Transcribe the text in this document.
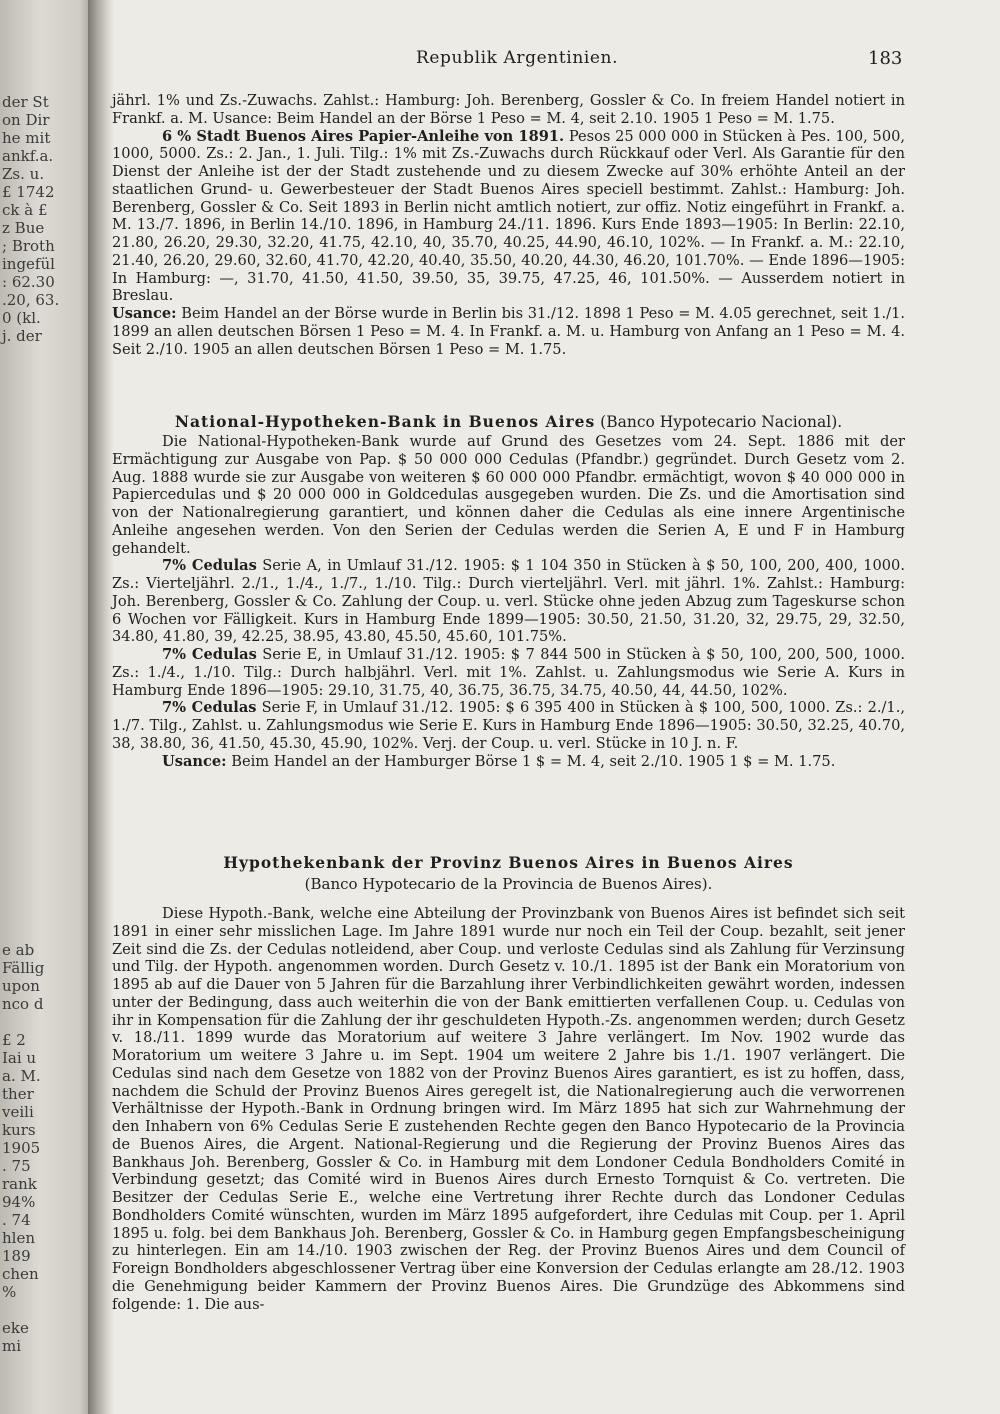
der St
on Dir
he mit
ankf.a.
Zs. u.
£ 1742
ck à £
z Bue
; Broth
ingefül
: 62.30
.20, 63.
0 (kl.
j. der
e ab
Fällig
upon
nco d
£ 2
Iai u
a. M.
ther
veili
kurs
1905
. 75
rank
94%
. 74
hlen
189
chen
%
eke
mi
Republik Argentinien.	183

jährl. 1% und Zs.-Zuwachs. Zahlst.: Hamburg: Joh. Berenberg, Gossler & Co. In freiem Handel notiert in Frankf. a. M. Usance: Beim Handel an der Börse 1 Peso = M. 4, seit 2.10. 1905 1 Peso = M. 1.75.

6 % Stadt Buenos Aires Papier-Anleihe von 1891. Pesos 25 000 000 in Stücken à Pes. 100, 500, 1000, 5000. Zs.: 2. Jan., 1. Juli. Tilg.: 1% mit Zs.-Zuwachs durch Rückkauf oder Verl. Als Garantie für den Dienst der Anleihe ist der der Stadt zustehende und zu diesem Zwecke auf 30% erhöhte Anteil an der staatlichen Grund- u. Gewerbesteuer der Stadt Buenos Aires speciell bestimmt. Zahlst.: Hamburg: Joh. Berenberg, Gossler & Co. Seit 1893 in Berlin nicht amtlich notiert, zur offiz. Notiz eingeführt in Frankf. a. M. 13./7. 1896, in Berlin 14./10. 1896, in Hamburg 24./11. 1896. Kurs Ende 1893—1905: In Berlin: 22.10, 21.80, 26.20, 29.30, 32.20, 41.75, 42.10, 40, 35.70, 40.25, 44.90, 46.10, 102%. — In Frankf. a. M.: 22.10, 21.40, 26.20, 29.60, 32.60, 41.70, 42.20, 40.40, 35.50, 40.20, 44.30, 46.20, 101.70%. — Ende 1896—1905: In Hamburg: —, 31.70, 41.50, 41.50, 39.50, 35, 39.75, 47.25, 46, 101.50%. — Ausserdem notiert in Breslau.

Usance: Beim Handel an der Börse wurde in Berlin bis 31./12. 1898 1 Peso = M. 4.05 gerechnet, seit 1./1. 1899 an allen deutschen Börsen 1 Peso = M. 4. In Frankf. a. M. u. Hamburg von Anfang an 1 Peso = M. 4. Seit 2./10. 1905 an allen deutschen Börsen 1 Peso = M. 1.75.

National-Hypotheken-Bank in Buenos Aires (Banco Hypotecario Nacional).

Die National-Hypotheken-Bank wurde auf Grund des Gesetzes vom 24. Sept. 1886 mit der Ermächtigung zur Ausgabe von Pap. $ 50 000 000 Cedulas (Pfandbr.) gegründet. Durch Gesetz vom 2. Aug. 1888 wurde sie zur Ausgabe von weiteren $ 60 000 000 Pfandbr. ermächtigt, wovon $ 40 000 000 in Papiercedulas und $ 20 000 000 in Goldcedulas ausgegeben wurden. Die Zs. und die Amortisation sind von der Nationalregierung garantiert, und können daher die Cedulas als eine innere Argentinische Anleihe angesehen werden. Von den Serien der Cedulas werden die Serien A, E und F in Hamburg gehandelt.

7% Cedulas Serie A, in Umlauf 31./12. 1905: $ 1 104 350 in Stücken à $ 50, 100, 200, 400, 1000. Zs.: Vierteljährl. 2./1., 1./4., 1./7., 1./10. Tilg.: Durch vierteljährl. Verl. mit jährl. 1%. Zahlst.: Hamburg: Joh. Berenberg, Gossler & Co. Zahlung der Coup. u. verl. Stücke ohne jeden Abzug zum Tageskurse schon 6 Wochen vor Fälligkeit. Kurs in Hamburg Ende 1899—1905: 30.50, 21.50, 31.20, 32, 29.75, 29, 32.50, 34.80, 41.80, 39, 42.25, 38.95, 43.80, 45.50, 45.60, 101.75%.

7% Cedulas Serie E, in Umlauf 31./12. 1905: $ 7 844 500 in Stücken à $ 50, 100, 200, 500, 1000. Zs.: 1./4., 1./10. Tilg.: Durch halbjährl. Verl. mit 1%. Zahlst. u. Zahlungsmodus wie Serie A. Kurs in Hamburg Ende 1896—1905: 29.10, 31.75, 40, 36.75, 36.75, 34.75, 40.50, 44, 44.50, 102%.

7% Cedulas Serie F, in Umlauf 31./12. 1905: $ 6 395 400 in Stücken à $ 100, 500, 1000. Zs.: 2./1., 1./7. Tilg., Zahlst. u. Zahlungsmodus wie Serie E. Kurs in Hamburg Ende 1896—1905: 30.50, 32.25, 40.70, 38, 38.80, 36, 41.50, 45.30, 45.90, 102%. Verj. der Coup. u. verl. Stücke in 10 J. n. F.

Usance: Beim Handel an der Hamburger Börse 1 $ = M. 4, seit 2./10. 1905 1 $ = M. 1.75.

Hypothekenbank der Provinz Buenos Aires in Buenos Aires
(Banco Hypotecario de la Provincia de Buenos Aires).

Diese Hypoth.-Bank, welche eine Abteilung der Provinzbank von Buenos Aires ist befindet sich seit 1891 in einer sehr misslichen Lage. Im Jahre 1891 wurde nur noch ein Teil der Coup. bezahlt, seit jener Zeit sind die Zs. der Cedulas notleidend, aber Coup. und verloste Cedulas sind als Zahlung für Verzinsung und Tilg. der Hypoth. angenommen worden. Durch Gesetz v. 10./1. 1895 ist der Bank ein Moratorium von 1895 ab auf die Dauer von 5 Jahren für die Barzahlung ihrer Verbindlichkeiten gewährt worden, indessen unter der Bedingung, dass auch weiterhin die von der Bank emittierten verfallenen Coup. u. Cedulas von ihr in Kompensation für die Zahlung der ihr geschuldeten Hypoth.-Zs. angenommen werden; durch Gesetz v. 18./11. 1899 wurde das Moratorium auf weitere 3 Jahre verlängert. Im Nov. 1902 wurde das Moratorium um weitere 3 Jahre u. im Sept. 1904 um weitere 2 Jahre bis 1./1. 1907 verlängert. Die Cedulas sind nach dem Gesetze von 1882 von der Provinz Buenos Aires garantiert, es ist zu hoffen, dass, nachdem die Schuld der Provinz Buenos Aires geregelt ist, die Nationalregierung auch die verworrenen Verhältnisse der Hypoth.-Bank in Ordnung bringen wird. Im März 1895 hat sich zur Wahrnehmung der den Inhabern von 6% Cedulas Serie E zustehenden Rechte gegen den Banco Hypotecario de la Provincia de Buenos Aires, die Argent. National-Regierung und die Regierung der Provinz Buenos Aires das Bankhaus Joh. Berenberg, Gossler & Co. in Hamburg mit dem Londoner Cedula Bondholders Comité in Verbindung gesetzt; das Comité wird in Buenos Aires durch Ernesto Tornquist & Co. vertreten. Die Besitzer der Cedulas Serie E., welche eine Vertretung ihrer Rechte durch das Londoner Cedulas Bondholders Comité wünschten, wurden im März 1895 aufgefordert, ihre Cedulas mit Coup. per 1. April 1895 u. folg. bei dem Bankhaus Joh. Berenberg, Gossler & Co. in Hamburg gegen Empfangsbescheinigung zu hinterlegen. Ein am 14./10. 1903 zwischen der Reg. der Provinz Buenos Aires und dem Council of Foreign Bondholders abgeschlossener Vertrag über eine Konversion der Cedulas erlangte am 28./12. 1903 die Genehmigung beider Kammern der Provinz Buenos Aires. Die Grundzüge des Abkommens sind folgende: 1. Die aus-
